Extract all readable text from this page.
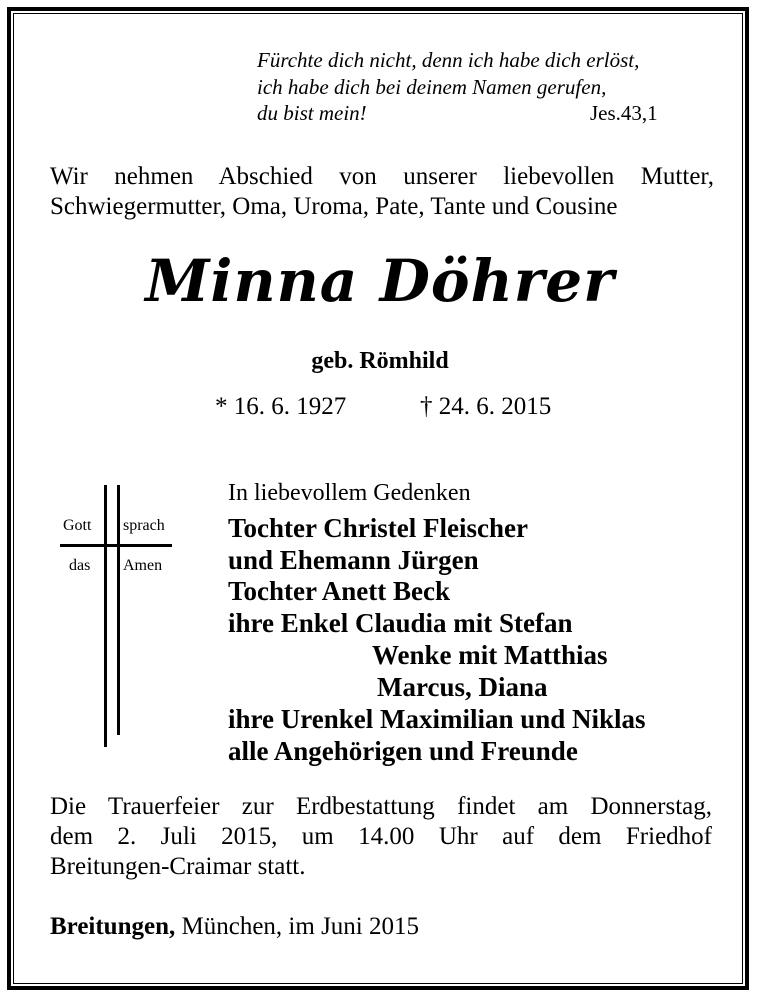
Fürchte dich nicht, denn ich habe dich erlöst,
ich habe dich bei deinem Namen gerufen,
du bist mein!	Jes.43,1
Wir nehmen Abschied von unserer liebevollen Mutter,
Schwiegermutter, Oma, Uroma, Pate, Tante und Cousine
Minna Döhrer
geb. Römhild
* 16. 6. 1927	† 24. 6. 2015
Gott sprach
das Amen
In liebevollem Gedenken
Tochter Christel Fleischer
und Ehemann Jürgen
Tochter Anett Beck
ihre Enkel Claudia mit Stefan
Wenke mit Matthias
Marcus, Diana
ihre Urenkel Maximilian und Niklas
alle Angehörigen und Freunde
Die Trauerfeier zur Erdbestattung findet am Donnerstag,
dem 2. Juli 2015, um 14.00 Uhr auf dem Friedhof
Breitungen-Craimar statt.
Breitungen, München, im Juni 2015
